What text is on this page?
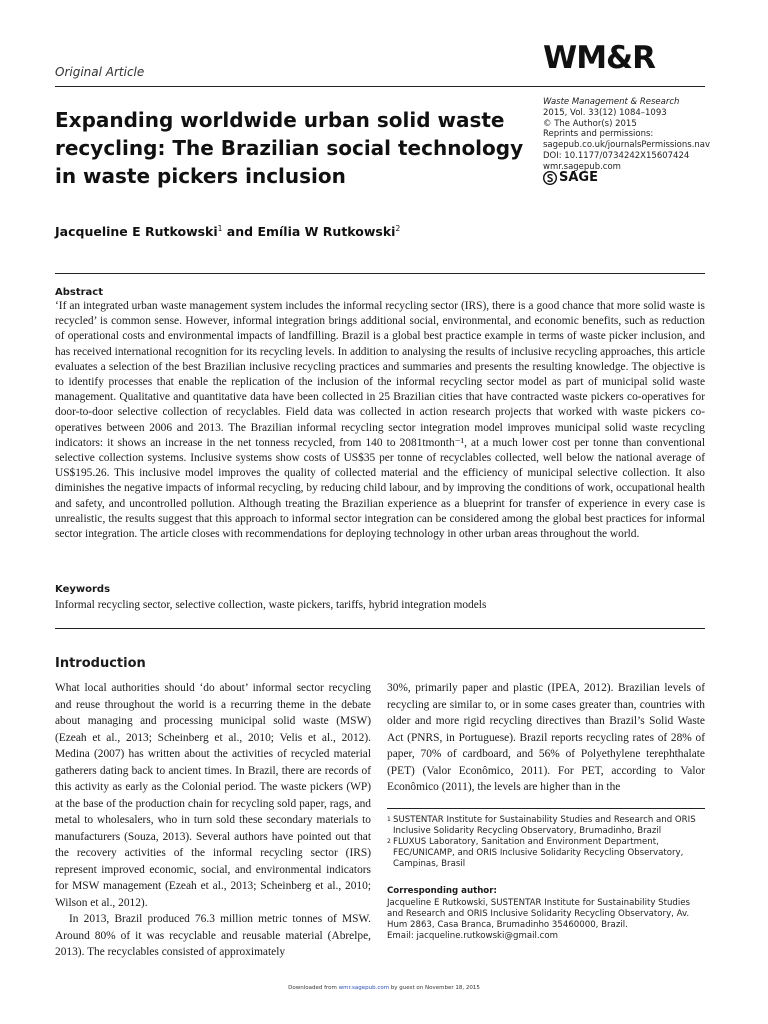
Original Article	WM&R
Expanding worldwide urban solid waste recycling: The Brazilian social technology in waste pickers inclusion
Waste Management & Research
2015, Vol. 33(12) 1084–1093
© The Author(s) 2015
Reprints and permissions:
sagepub.co.uk/journalsPermissions.nav
DOI: 10.1177/0734242X15607424
wmr.sagepub.com
SAGE
Jacqueline E Rutkowski$^1$ and Emília W Rutkowski$^2$
Abstract

‘If an integrated urban waste management system includes the informal recycling sector (IRS), there is a good chance that more solid waste is recycled’ is common sense. However, informal integration brings additional social, environmental, and economic benefits, such as reduction of operational costs and environmental impacts of landfilling. Brazil is a global best practice example in terms of waste picker inclusion, and has received international recognition for its recycling levels. In addition to analysing the results of inclusive recycling approaches, this article evaluates a selection of the best Brazilian inclusive recycling practices and summaries and presents the resulting knowledge. The objective is to identify processes that enable the replication of the inclusion of the informal recycling sector model as part of municipal solid waste management. Qualitative and quantitative data have been collected in 25 Brazilian cities that have contracted waste pickers co-operatives for door-to-door selective collection of recyclables. Field data was collected in action research projects that worked with waste pickers co-operatives between 2006 and 2013. The Brazilian informal recycling sector integration model improves municipal solid waste recycling indicators: it shows an increase in the net tonness recycled, from 140 to 2081tmonth⁻¹, at a much lower cost per tonne than conventional selective collection systems. Inclusive systems show costs of US$35 per tonne of recyclables collected, well below the national average of US$195.26. This inclusive model improves the quality of collected material and the efficiency of municipal selective collection. It also diminishes the negative impacts of informal recycling, by reducing child labour, and by improving the conditions of work, occupational health and safety, and uncontrolled pollution. Although treating the Brazilian experience as a blueprint for transfer of experience in every case is unrealistic, the results suggest that this approach to informal sector integration can be considered among the global best practices for informal sector integration. The article closes with recommendations for deploying technology in other urban areas throughout the world.

Keywords
Informal recycling sector, selective collection, waste pickers, tariffs, hybrid integration models
Introduction

What local authorities should ‘do about’ informal sector recycling and reuse throughout the world is a recurring theme in the debate about managing and processing municipal solid waste (MSW) (Ezeah et al., 2013; Scheinberg et al., 2010; Velis et al., 2012). Medina (2007) has written about the activities of recycled material gatherers dating back to ancient times. In Brazil, there are records of this activity as early as the Colonial period. The waste pickers (WP) at the base of the production chain for recycling sold paper, rags, and metal to wholesalers, who in turn sold these secondary materials to manufacturers (Souza, 2013). Several authors have pointed out that the recovery activities of the informal recycling sector (IRS) represent improved economic, social, and environmental indicators for MSW management (Ezeah et al., 2013; Scheinberg et al., 2010; Wilson et al., 2012).

In 2013, Brazil produced 76.3 million metric tonnes of MSW. Around 80% of it was recyclable and reusable material (Abrelpe, 2013). The recyclables consisted of approximately

30%, primarily paper and plastic (IPEA, 2012). Brazilian levels of recycling are similar to, or in some cases greater than, countries with older and more rigid recycling directives than Brazil’s Solid Waste Act (PNRS, in Portuguese). Brazil reports recycling rates of 28% of paper, 70% of cardboard, and 56% of Polyethylene terephthalate (PET) (Valor Econômico, 2011). For PET, according to Valor Econômico (2011), the levels are higher than in the

1 SUSTENTAR Institute for Sustainability Studies and Research and ORIS Inclusive Solidarity Recycling Observatory, Brumadinho, Brazil
2 FLUXUS Laboratory, Sanitation and Environment Department, FEC/UNICAMP, and ORIS Inclusive Solidarity Recycling Observatory, Campinas, Brasil
Corresponding author:
Jacqueline E Rutkowski, SUSTENTAR Institute for Sustainability Studies and Research and ORIS Inclusive Solidarity Recycling Observatory, Av. Hum 2863, Casa Branca, Brumadinho 35460000, Brazil.
Email: jacqueline.rutkowski@gmail.com
Downloaded from wmr.sagepub.com by guest on November 18, 2015
